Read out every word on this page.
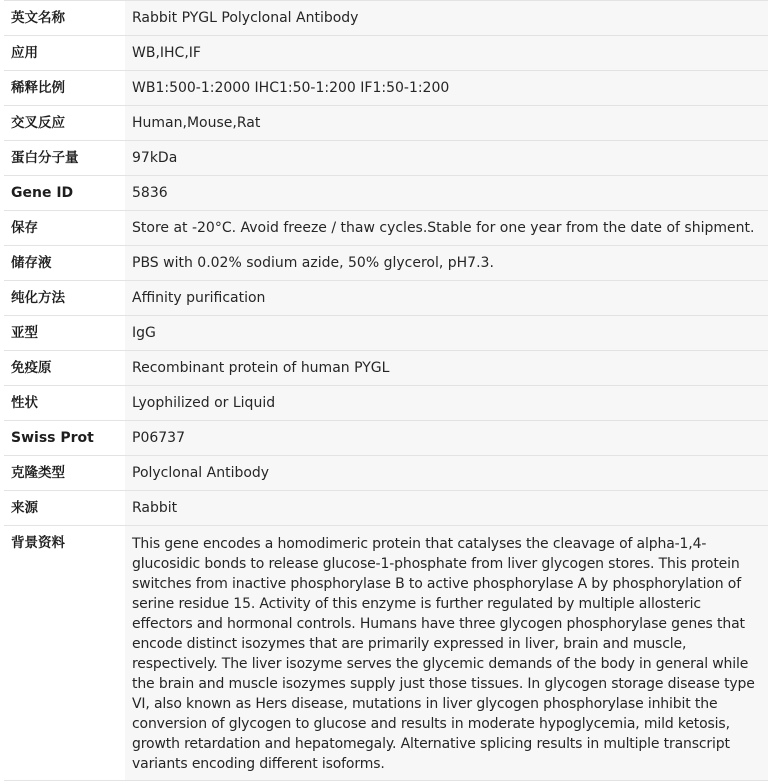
英文名称	Rabbit PYGL Polyclonal Antibody
应用	WB,IHC,IF
稀释比例	WB1:500-1:2000 IHC1:50-1:200 IF1:50-1:200
交叉反应	Human,Mouse,Rat
蛋白分子量	97kDa
Gene ID	5836
保存	Store at -20°C. Avoid freeze / thaw cycles.Stable for one year from the date of shipment.
储存液	PBS with 0.02% sodium azide, 50% glycerol, pH7.3.
纯化方法	Affinity purification
亚型	IgG
免疫原	Recombinant protein of human PYGL
性状	Lyophilized or Liquid
Swiss Prot	P06737
克隆类型	Polyclonal Antibody
来源	Rabbit
背景资料	This gene encodes a homodimeric protein that catalyses the cleavage of alpha-1,4-glucosidic bonds to release glucose-1-phosphate from liver glycogen stores. This protein switches from inactive phosphorylase B to active phosphorylase A by phosphorylation of serine residue 15. Activity of this enzyme is further regulated by multiple allosteric effectors and hormonal controls. Humans have three glycogen phosphorylase genes that encode distinct isozymes that are primarily expressed in liver, brain and muscle, respectively. The liver isozyme serves the glycemic demands of the body in general while the brain and muscle isozymes supply just those tissues. In glycogen storage disease type VI, also known as Hers disease, mutations in liver glycogen phosphorylase inhibit the conversion of glycogen to glucose and results in moderate hypoglycemia, mild ketosis, growth retardation and hepatomegaly. Alternative splicing results in multiple transcript variants encoding different isoforms.
